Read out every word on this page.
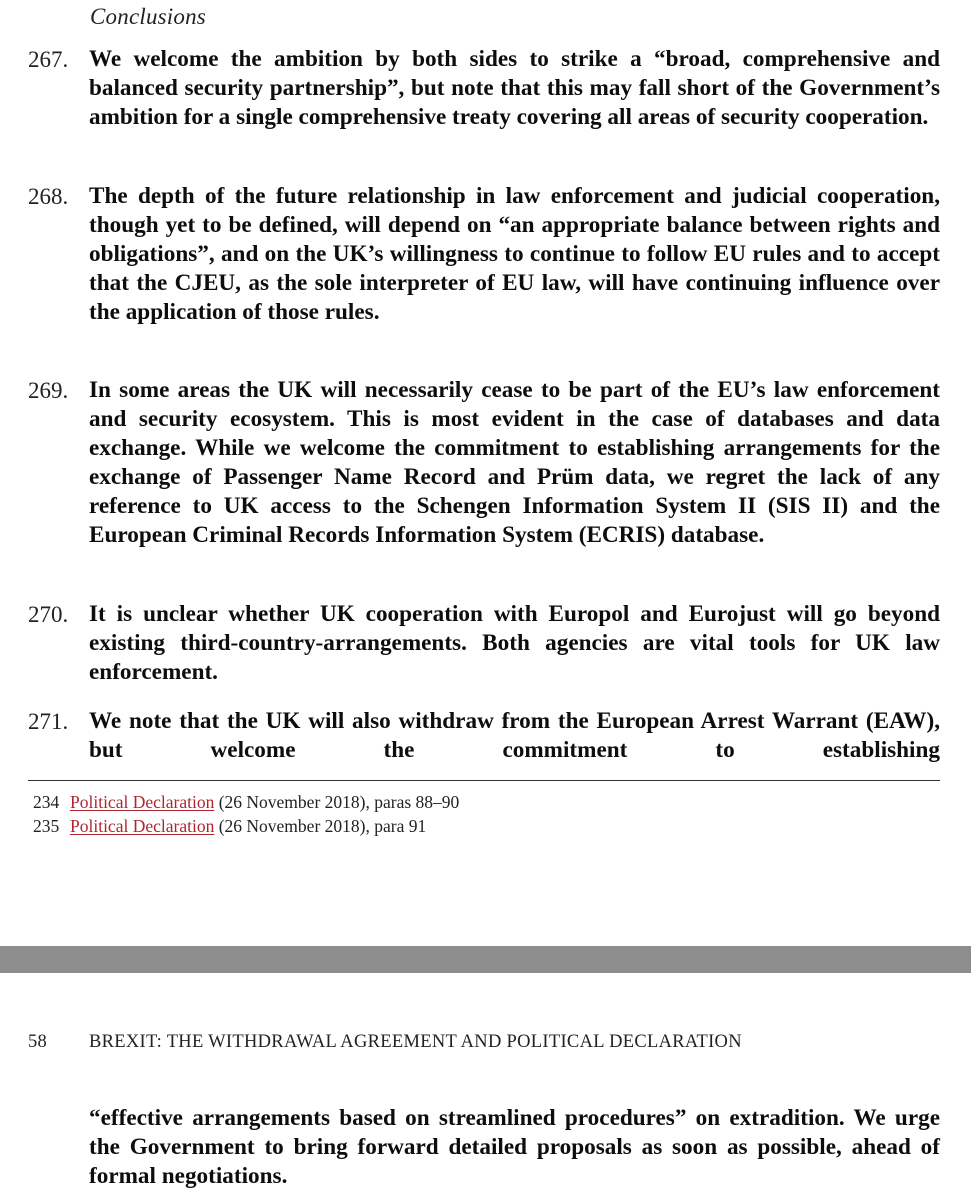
Conclusions
267. We welcome the ambition by both sides to strike a “broad, comprehensive and balanced security partnership”, but note that this may fall short of the Government’s ambition for a single comprehensive treaty covering all areas of security cooperation.
268. The depth of the future relationship in law enforcement and judicial cooperation, though yet to be defined, will depend on “an appropriate balance between rights and obligations”, and on the UK’s willingness to continue to follow EU rules and to accept that the CJEU, as the sole interpreter of EU law, will have continuing influence over the application of those rules.
269. In some areas the UK will necessarily cease to be part of the EU’s law enforcement and security ecosystem. This is most evident in the case of databases and data exchange. While we welcome the commitment to establishing arrangements for the exchange of Passenger Name Record and Prüm data, we regret the lack of any reference to UK access to the Schengen Information System II (SIS II) and the European Criminal Records Information System (ECRIS) database.
270. It is unclear whether UK cooperation with Europol and Eurojust will go beyond existing third-country-arrangements. Both agencies are vital tools for UK law enforcement.
271. We note that the UK will also withdraw from the European Arrest Warrant (EAW), but welcome the commitment to establishing
234 Political Declaration (26 November 2018), paras 88–90
235 Political Declaration (26 November 2018), para 91
58 BREXIT: THE WITHDRAWAL AGREEMENT AND POLITICAL DECLARATION
“effective arrangements based on streamlined procedures” on extradition. We urge the Government to bring forward detailed proposals as soon as possible, ahead of formal negotiations.
